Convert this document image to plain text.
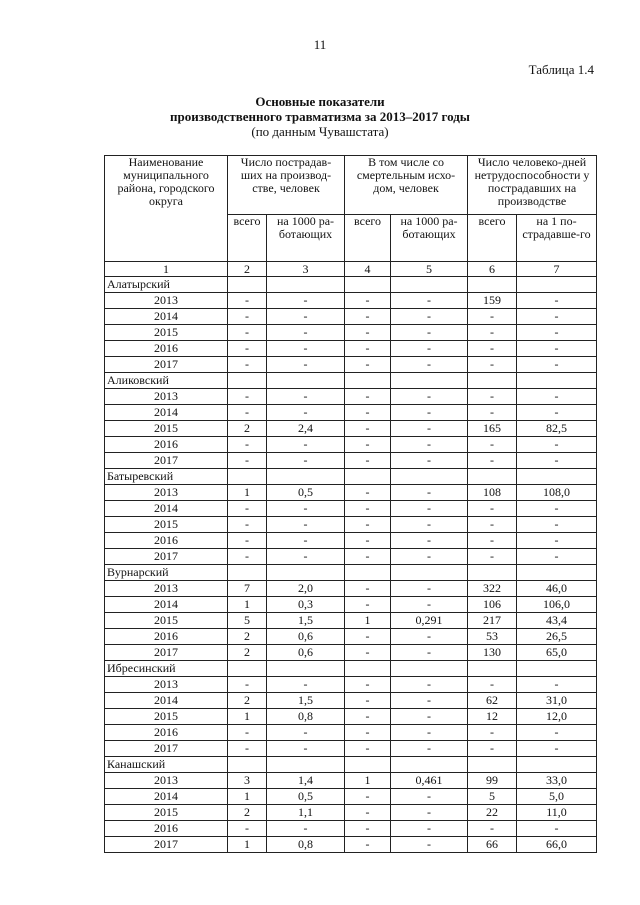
11
Таблица 1.4
Основные показатели
производственного травматизма за 2013–2017 годы
(по данным Чувашстата)
Наименование муниципального района, городского округа	Число пострадав-ших на производ-стве, человек		В том числе со смертельным исхо-дом, человек		Число человеко-дней нетрудоспособности у пострадавших на производстве	
	всего	на 1000 ра-ботающих	всего	на 1000 ра-ботающих	всего	на 1 по-страдавше-го
1	2	3	4	5	6	7
Алатырский						
2013	-	-	-	-	159	-
2014	-	-	-	-	-	-
2015	-	-	-	-	-	-
2016	-	-	-	-	-	-
2017	-	-	-	-	-	-
Аликовский						
2013	-	-	-	-	-	-
2014	-	-	-	-	-	-
2015	2	2,4	-	-	165	82,5
2016	-	-	-	-	-	-
2017	-	-	-	-	-	-
Батыревский						
2013	1	0,5	-	-	108	108,0
2014	-	-	-	-	-	-
2015	-	-	-	-	-	-
2016	-	-	-	-	-	-
2017	-	-	-	-	-	-
Вурнарский						
2013	7	2,0	-	-	322	46,0
2014	1	0,3	-	-	106	106,0
2015	5	1,5	1	0,291	217	43,4
2016	2	0,6	-	-	53	26,5
2017	2	0,6	-	-	130	65,0
Ибресинский						
2013	-	-	-	-	-	-
2014	2	1,5	-	-	62	31,0
2015	1	0,8	-	-	12	12,0
2016	-	-	-	-	-	-
2017	-	-	-	-	-	-
Канашский						
2013	3	1,4	1	0,461	99	33,0
2014	1	0,5	-	-	5	5,0
2015	2	1,1	-	-	22	11,0
2016	-	-	-	-	-	-
2017	1	0,8	-	-	66	66,0
